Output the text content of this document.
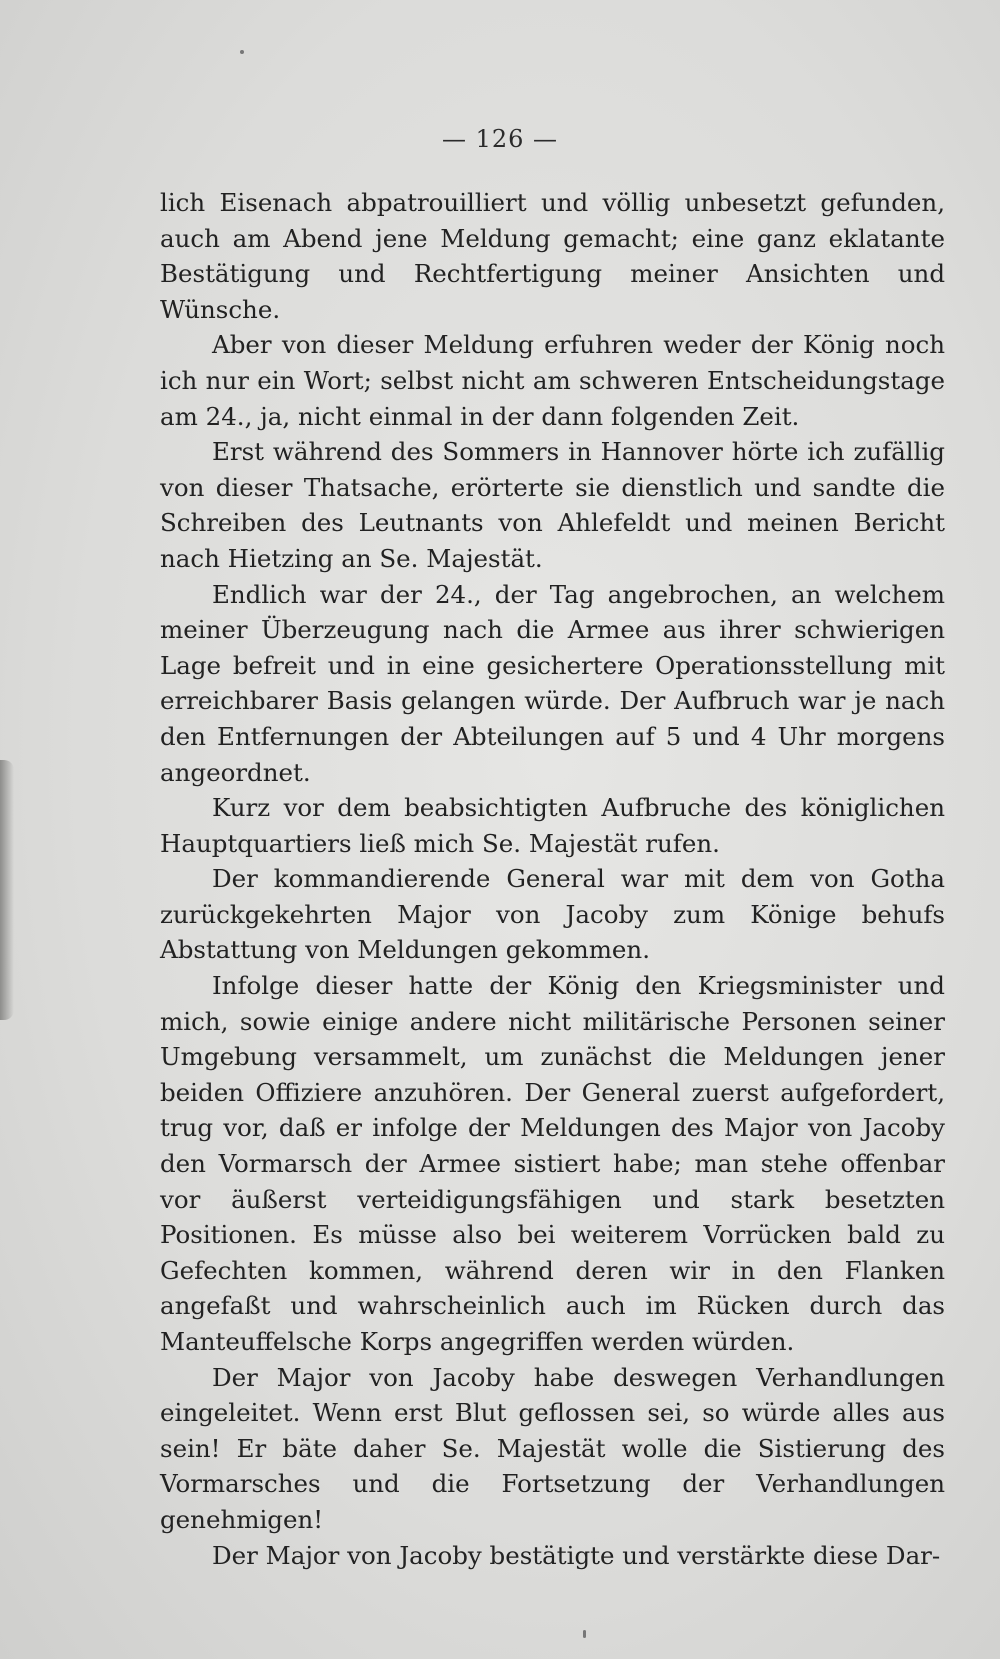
— 126 —

lich Eisenach abpatrouilliert und völlig unbesetzt gefunden, auch am Abend jene Meldung gemacht; eine ganz eklatante Bestätigung und Rechtfertigung meiner Ansichten und Wünsche.

Aber von dieser Meldung erfuhren weder der König noch ich nur ein Wort; selbst nicht am schweren Entscheidungstage am 24., ja, nicht einmal in der dann folgenden Zeit.

Erst während des Sommers in Hannover hörte ich zufällig von dieser Thatsache, erörterte sie dienstlich und sandte die Schreiben des Leutnants von Ahlefeldt und meinen Bericht nach Hietzing an Se. Majestät.

Endlich war der 24., der Tag angebrochen, an welchem meiner Überzeugung nach die Armee aus ihrer schwierigen Lage befreit und in eine gesichertere Operationsstellung mit erreichbarer Basis gelangen würde. Der Aufbruch war je nach den Entfernungen der Abteilungen auf 5 und 4 Uhr morgens angeordnet.

Kurz vor dem beabsichtigten Aufbruche des königlichen Hauptquartiers ließ mich Se. Majestät rufen.

Der kommandierende General war mit dem von Gotha zurückgekehrten Major von Jacoby zum Könige behufs Abstattung von Meldungen gekommen.

Infolge dieser hatte der König den Kriegsminister und mich, sowie einige andere nicht militärische Personen seiner Umgebung versammelt, um zunächst die Meldungen jener beiden Offiziere anzuhören. Der General zuerst aufgefordert, trug vor, daß er infolge der Meldungen des Major von Jacoby den Vormarsch der Armee sistiert habe; man stehe offenbar vor äußerst verteidigungsfähigen und stark besetzten Positionen. Es müsse also bei weiterem Vorrücken bald zu Gefechten kommen, während deren wir in den Flanken angefaßt und wahrscheinlich auch im Rücken durch das Manteuffelsche Korps angegriffen werden würden.

Der Major von Jacoby habe deswegen Verhandlungen eingeleitet. Wenn erst Blut geflossen sei, so würde alles aus sein! Er bäte daher Se. Majestät wolle die Sistierung des Vormarsches und die Fortsetzung der Verhandlungen genehmigen!

Der Major von Jacoby bestätigte und verstärkte diese Dar-
